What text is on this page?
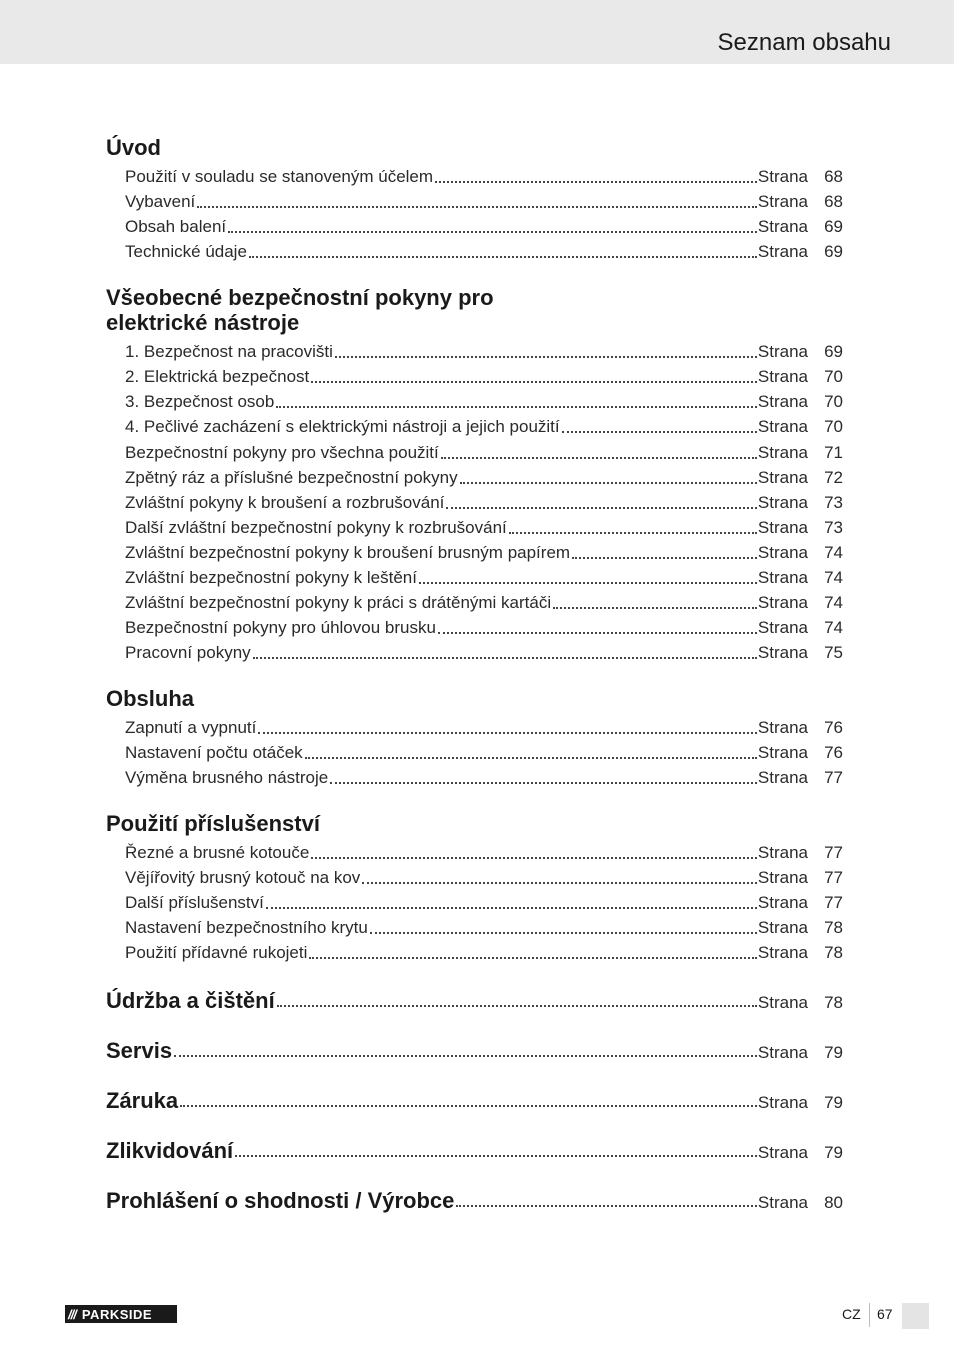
Seznam obsahu
Úvod
Použití v souladu se stanoveným účelem	Strana 68
Vybavení	Strana 68
Obsah balení	Strana 69
Technické údaje	Strana 69
Všeobecné bezpečnostní pokyny pro
elektrické nástroje
1. Bezpečnost na pracovišti	Strana 69
2. Elektrická bezpečnost	Strana 70
3. Bezpečnost osob	Strana 70
4. Pečlivé zacházení s elektrickými nástroji a jejich použití	Strana 70
Bezpečnostní pokyny pro všechna použití	Strana 71
Zpětný ráz a příslušné bezpečnostní pokyny	Strana 72
Zvláštní pokyny k broušení a rozbrušování	Strana 73
Další zvláštní bezpečnostní pokyny k rozbrušování	Strana 73
Zvláštní bezpečnostní pokyny k broušení brusným papírem	Strana 74
Zvláštní bezpečnostní pokyny k leštění	Strana 74
Zvláštní bezpečnostní pokyny k práci s drátěnými kartáči	Strana 74
Bezpečnostní pokyny pro úhlovou brusku	Strana 74
Pracovní pokyny	Strana 75
Obsluha
Zapnutí a vypnutí	Strana 76
Nastavení počtu otáček	Strana 76
Výměna brusného nástroje	Strana 77
Použití příslušenství
Řezné a brusné kotouče	Strana 77
Vějířovitý brusný kotouč na kov	Strana 77
Další příslušenství	Strana 77
Nastavení bezpečnostního krytu	Strana 78
Použití přídavné rukojeti	Strana 78
Údržba a čištění	Strana 78
Servis	Strana 79
Záruka	Strana 79
Zlikvidování	Strana 79
Prohlášení o shodnosti / Výrobce	Strana 80
/// PARKSIDE	CZ 67
